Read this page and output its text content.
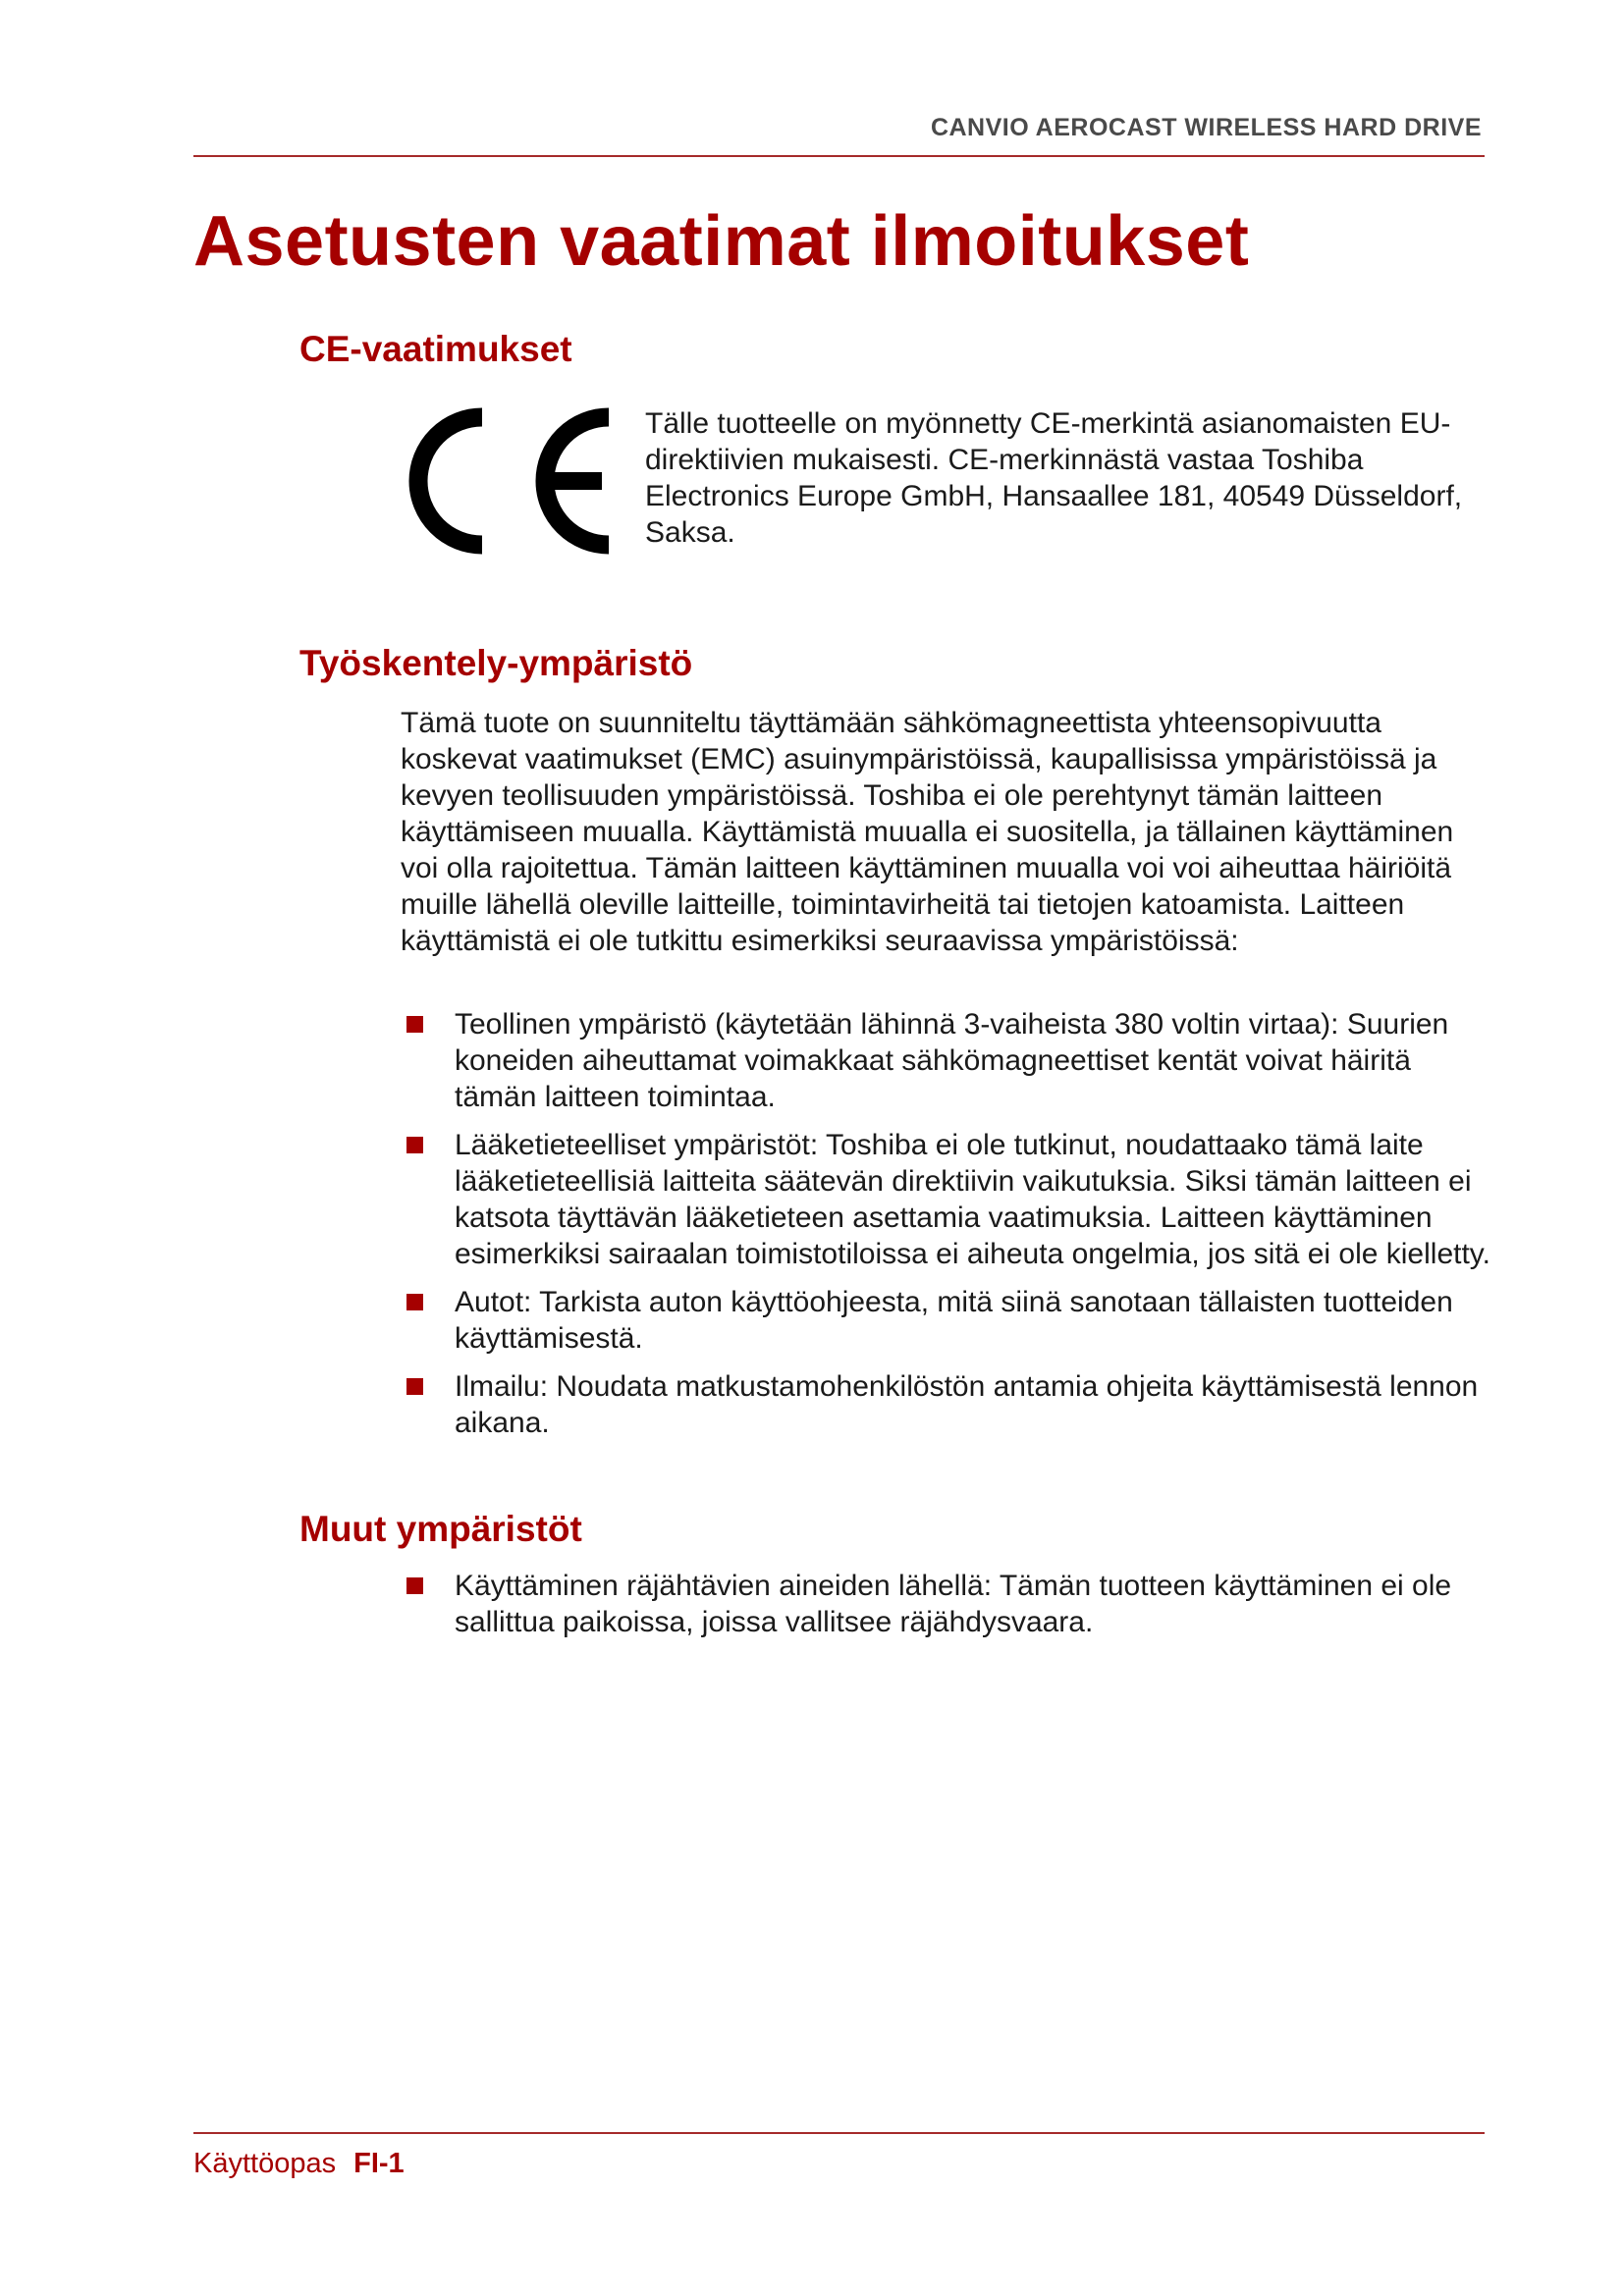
CANVIO AEROCAST WIRELESS HARD DRIVE
Asetusten vaatimat ilmoitukset
CE-vaatimukset

Tälle tuotteelle on myönnetty CE-merkintä asianomaisten EU-direktiivien mukaisesti. CE-merkinnästä vastaa Toshiba Electronics Europe GmbH, Hansaallee 181, 40549 Düsseldorf, Saksa.

Työskentely-ympäristö

Tämä tuote on suunniteltu täyttämään sähkömagneettista yhteensopivuutta koskevat vaatimukset (EMC) asuinympäristöissä, kaupallisissa ympäristöissä ja kevyen teollisuuden ympäristöissä. Toshiba ei ole perehtynyt tämän laitteen käyttämiseen muualla. Käyttämistä muualla ei suositella, ja tällainen käyttäminen voi olla rajoitettua. Tämän laitteen käyttäminen muualla voi voi aiheuttaa häiriöitä muille lähellä oleville laitteille, toimintavirheitä tai tietojen katoamista. Laitteen käyttämistä ei ole tutkittu esimerkiksi seuraavissa ympäristöissä:

Teollinen ympäristö (käytetään lähinnä 3-vaiheista 380 voltin virtaa): Suurien koneiden aiheuttamat voimakkaat sähkömagneettiset kentät voivat häiritä tämän laitteen toimintaa.
Lääketieteelliset ympäristöt: Toshiba ei ole tutkinut, noudattaako tämä laite lääketieteellisiä laitteita säätevän direktiivin vaikutuksia. Siksi tämän laitteen ei katsota täyttävän lääketieteen asettamia vaatimuksia. Laitteen käyttäminen esimerkiksi sairaalan toimistotiloissa ei aiheuta ongelmia, jos sitä ei ole kielletty.
Autot: Tarkista auton käyttöohjeesta, mitä siinä sanotaan tällaisten tuotteiden käyttämisestä.
Ilmailu: Noudata matkustamohenkilöstön antamia ohjeita käyttämisestä lennon aikana.
Muut ympäristöt
Käyttäminen räjähtävien aineiden lähellä: Tämän tuotteen käyttäminen ei ole sallittua paikoissa, joissa vallitsee räjähdysvaara.
Käyttöopas FI-1
